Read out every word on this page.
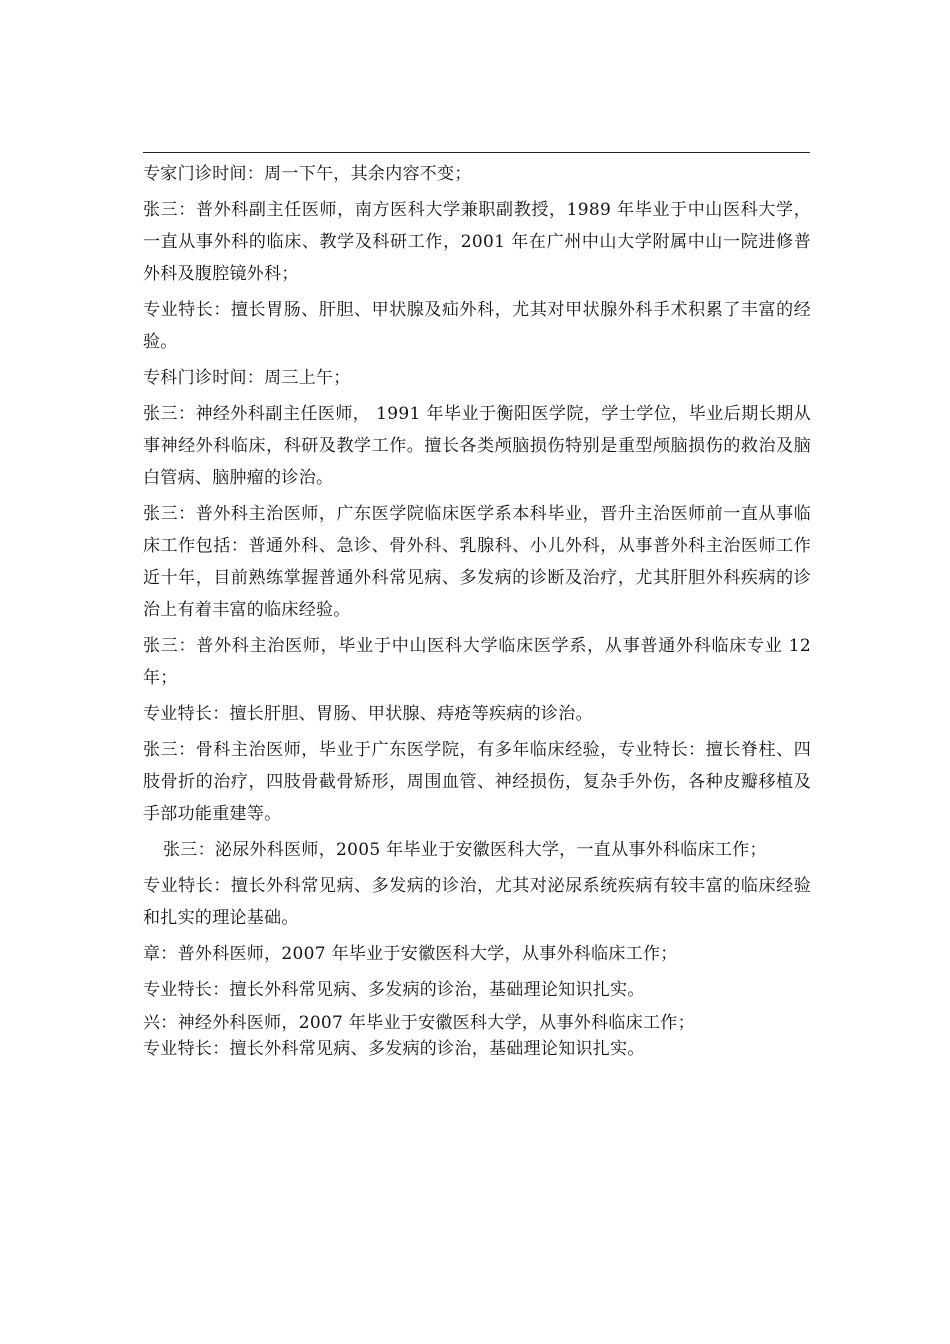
专家门诊时间：周一下午，其余内容不变；

张三：普外科副主任医师，南方医科大学兼职副教授，1989 年毕业于中山医科大学，一直从事外科的临床、教学及科研工作，2001 年在广州中山大学附属中山一院进修普外科及腹腔镜外科；

专业特长：擅长胃肠、肝胆、甲状腺及疝外科，尤其对甲状腺外科手术积累了丰富的经验。

专科门诊时间：周三上午；

张三：神经外科副主任医师， 1991 年毕业于衡阳医学院，学士学位，毕业后期长期从事神经外科临床，科研及教学工作。擅长各类颅脑损伤特别是重型颅脑损伤的救治及脑白管病、脑肿瘤的诊治。

张三：普外科主治医师，广东医学院临床医学系本科毕业，晋升主治医师前一直从事临床工作包括：普通外科、急诊、骨外科、乳腺科、小儿外科，从事普外科主治医师工作近十年，目前熟练掌握普通外科常见病、多发病的诊断及治疗，尤其肝胆外科疾病的诊治上有着丰富的临床经验。

张三：普外科主治医师，毕业于中山医科大学临床医学系，从事普通外科临床专业 12 年；

专业特长：擅长肝胆、胃肠、甲状腺、痔疮等疾病的诊治。

张三：骨科主治医师，毕业于广东医学院，有多年临床经验，专业特长：擅长脊柱、四肢骨折的治疗，四肢骨截骨矫形，周围血管、神经损伤，复杂手外伤，各种皮瓣移植及手部功能重建等。

张三：泌尿外科医师，2005 年毕业于安徽医科大学，一直从事外科临床工作；

专业特长：擅长外科常见病、多发病的诊治，尤其对泌尿系统疾病有较丰富的临床经验和扎实的理论基础。

章：普外科医师，2007 年毕业于安徽医科大学，从事外科临床工作；

专业特长：擅长外科常见病、多发病的诊治，基础理论知识扎实。

兴：神经外科医师，2007 年毕业于安徽医科大学，从事外科临床工作；

专业特长：擅长外科常见病、多发病的诊治，基础理论知识扎实。
